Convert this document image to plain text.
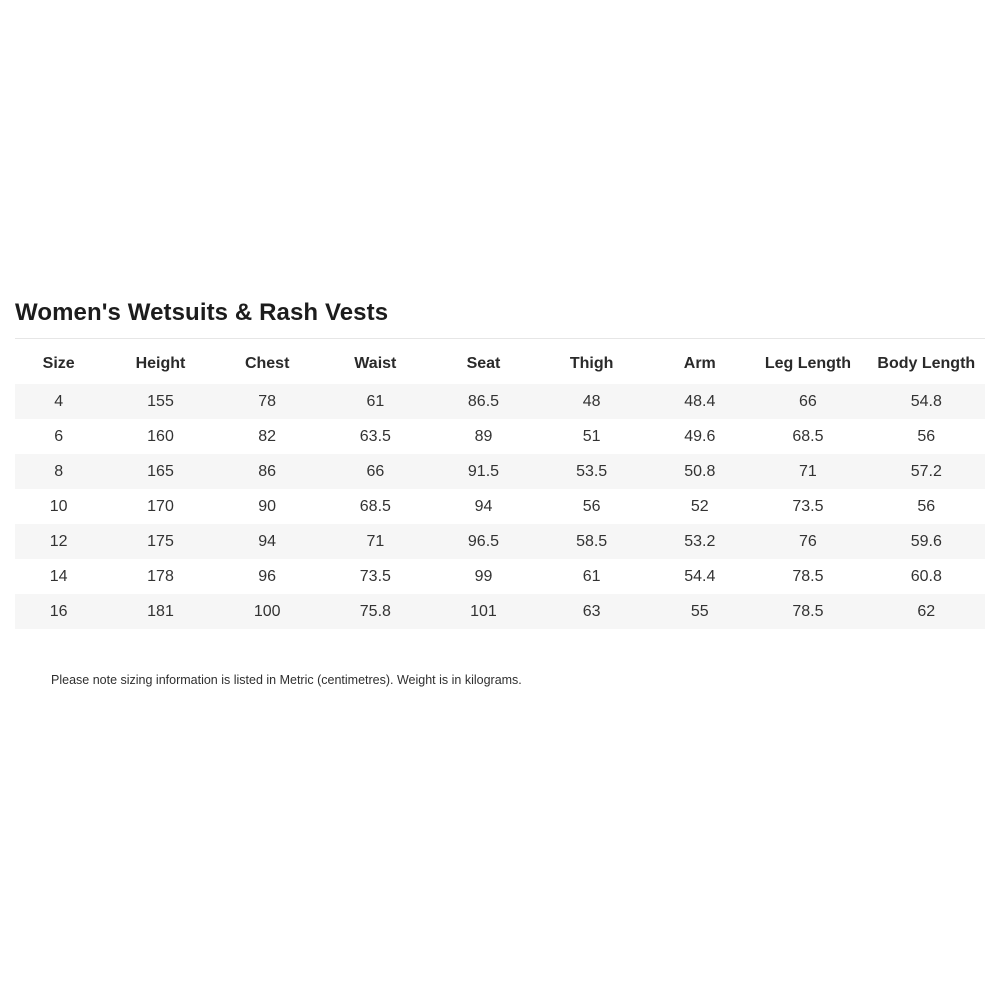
Women's Wetsuits & Rash Vests
Size	Height	Chest	Waist	Seat	Thigh	Arm	Leg Length	Body Length
4	155	78	61	86.5	48	48.4	66	54.8
6	160	82	63.5	89	51	49.6	68.5	56
8	165	86	66	91.5	53.5	50.8	71	57.2
10	170	90	68.5	94	56	52	73.5	56
12	175	94	71	96.5	58.5	53.2	76	59.6
14	178	96	73.5	99	61	54.4	78.5	60.8
16	181	100	75.8	101	63	55	78.5	62

Please note sizing information is listed in Metric (centimetres). Weight is in kilograms.
